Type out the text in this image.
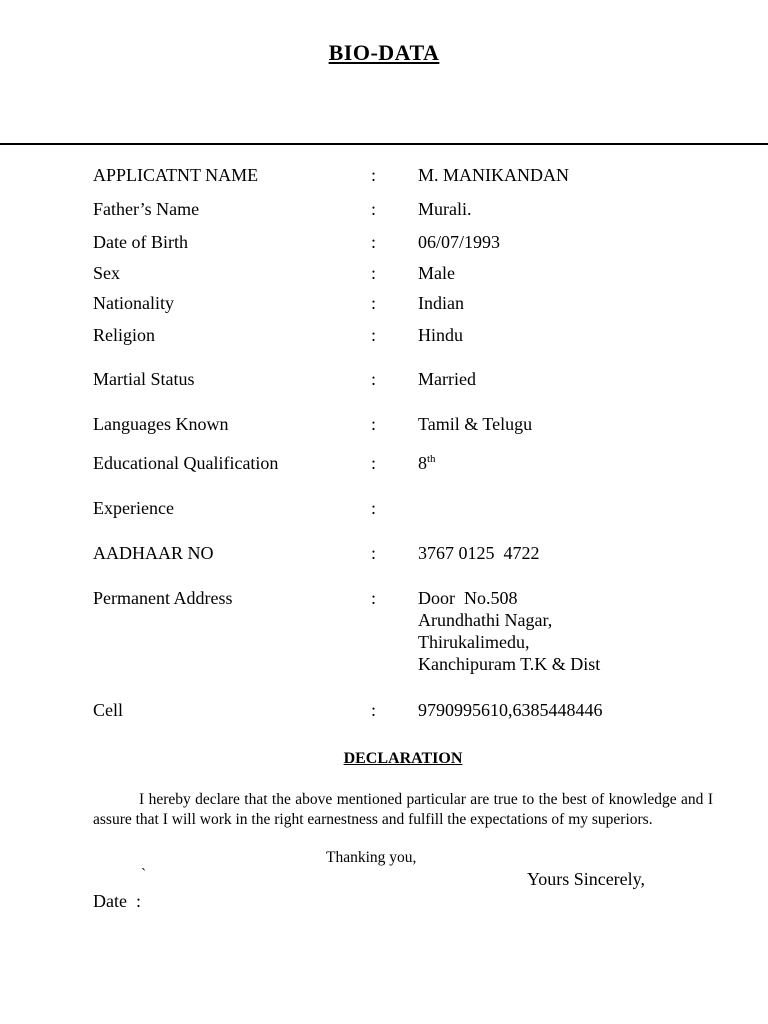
BIO-DATA
APPLICATNT NAME	: M. MANIKANDAN
Father’s Name	: Murali.
Date of Birth	: 06/07/1993
Sex	: Male
Nationality	: Indian
Religion	: Hindu
Martial Status	: Married
Languages Known	: Tamil & Telugu
Educational Qualification	: 8th
Experience	:
AADHAAR NO	: 3767 0125  4722
Permanent Address	: Door  No.508
Arundhathi Nagar,
Thirukalimedu,
Kanchipuram T.K & Dist
Cell	: 9790995610,6385448446
DECLARATION

I hereby declare that the above mentioned particular are true to the best of knowledge and I assure that I will work in the right earnestness and fulfill the expectations of my superiors.

Thanking you,
`	Yours Sincerely,
Date  :
